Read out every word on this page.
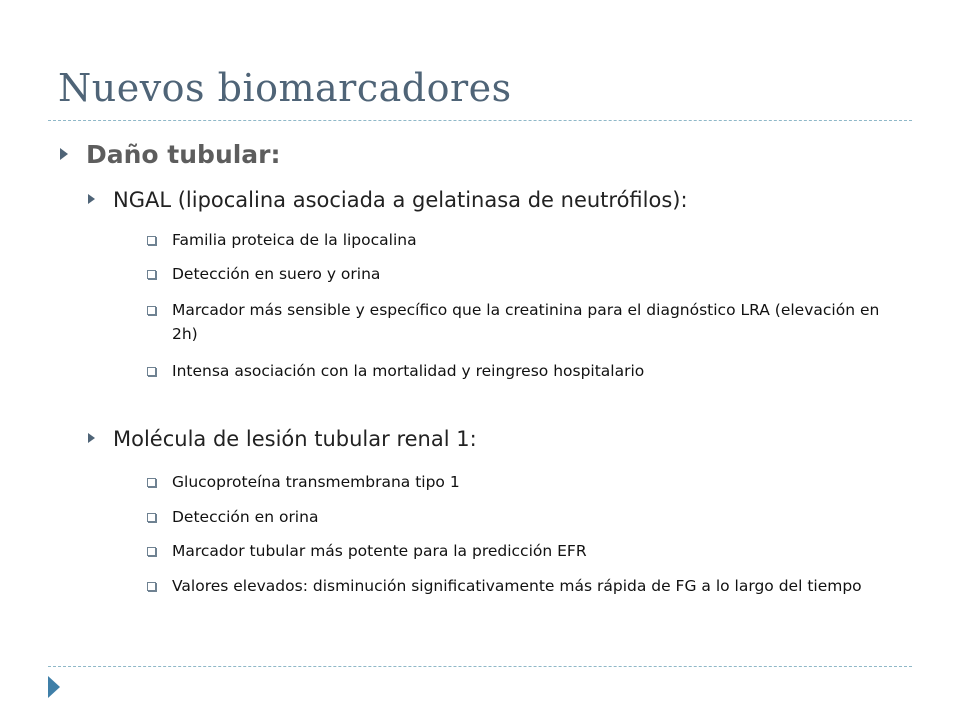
Nuevos biomarcadores
Daño tubular:
NGAL (lipocalina asociada a gelatinasa de neutrófilos):
Familia proteica de la lipocalina
Detección en suero y orina
Marcador más sensible y específico que la creatinina para el diagnóstico LRA (elevación en 2h)
Intensa asociación con la mortalidad y reingreso hospitalario
Molécula de lesión tubular renal 1:
Glucoproteína transmembrana tipo 1
Detección en orina
Marcador tubular más potente para la predicción EFR
Valores elevados: disminución significativamente más rápida de FG a lo largo del tiempo
